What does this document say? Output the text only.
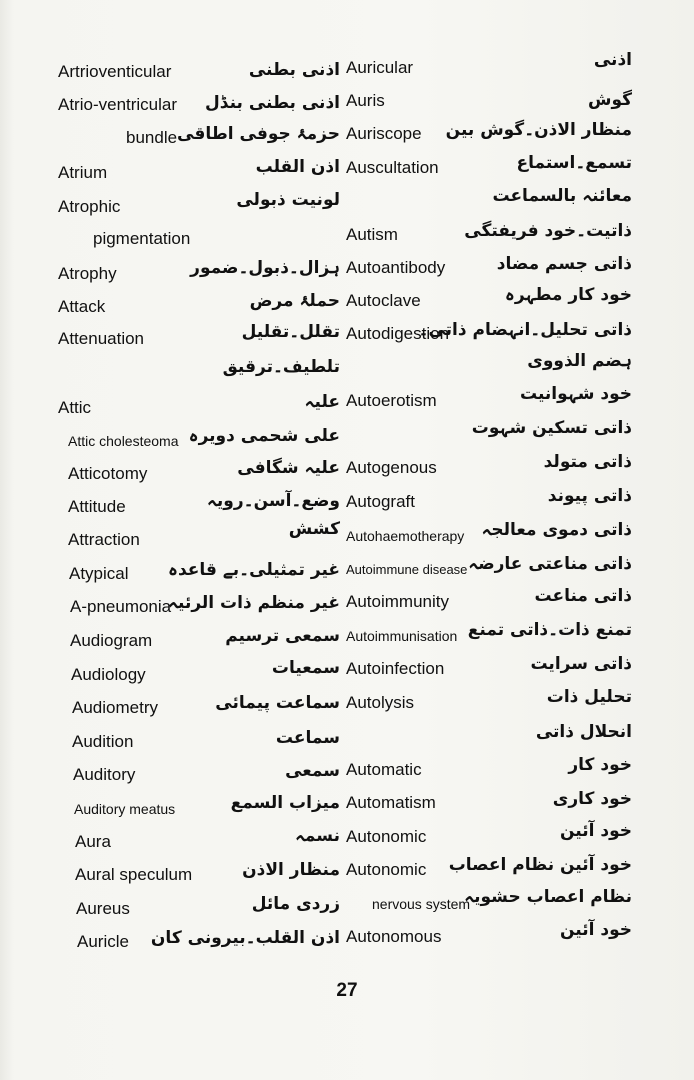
Artrioventicular
Atrio-ventricular
bundle
Atrium
Atrophic
pigmentation
Atrophy
Attack
Attenuation
Attic
Attic cholesteoma
Atticotomy
Attitude
Attraction
Atypical
A-pneumonia
Audiogram
Audiology
Audiometry
Audition
Auditory
Auditory meatus
Aura
Aural speculum
Aureus
Auricle
اذنی بطنی
اذنی بطنی بنڈل
حزمۂ جوفی اطاقی
اذن القلب
لونیت ذبولی
ہزال۔ذبول۔ضمور
حملۂ مرض
تقلل۔تقلیل
تلطیف۔ترقیق
علیہ
علی شحمی دویرہ
علیہ شگافی
وضع۔آسن۔رویہ
کشش
غیر تمثیلی۔بے قاعدہ
غیر منظم ذات الرئیہ
سمعی ترسیم
سمعیات
سماعت پیمائی
سماعت
سمعی
میزاب السمع
نسمہ
منظار الاذن
زردی مائل
اذن القلب۔بیرونی کان
Auricular
Auris
Auriscope
Auscultation
Autism
Autoantibody
Autoclave
Autodigestion
Autoerotism
Autogenous
Autograft
Autohaemotherapy
Autoimmune disease
Autoimmunity
Autoimmunisation
Autoinfection
Autolysis
Automatic
Automatism
Autonomic
Autonomic
nervous system
Autonomous
اذنی
گوش
منظار الاذن۔گوش بین
تسمع۔استماع
معائنہ بالسماعت
ذاتیت۔خود فریفتگی
ذاتی جسم مضاد
خود کار مطہرہ
ذاتی تحلیل۔انہضام ذاتی۔
ہضم الذووی
خود شہوانیت
ذاتی تسکین شہوت
ذاتی متولد
ذاتی پیوند
ذاتی دموی معالجہ
ذاتی مناعتی عارضہ
ذاتی مناعت
تمنع ذات۔ذاتی تمنع
ذاتی سرایت
تحلیل ذات
انحلال ذاتی
خود کار
خود کاری
خود آئین
خود آئین نظام اعصاب
نظام اعصاب حشویہ
خود آئین
27
